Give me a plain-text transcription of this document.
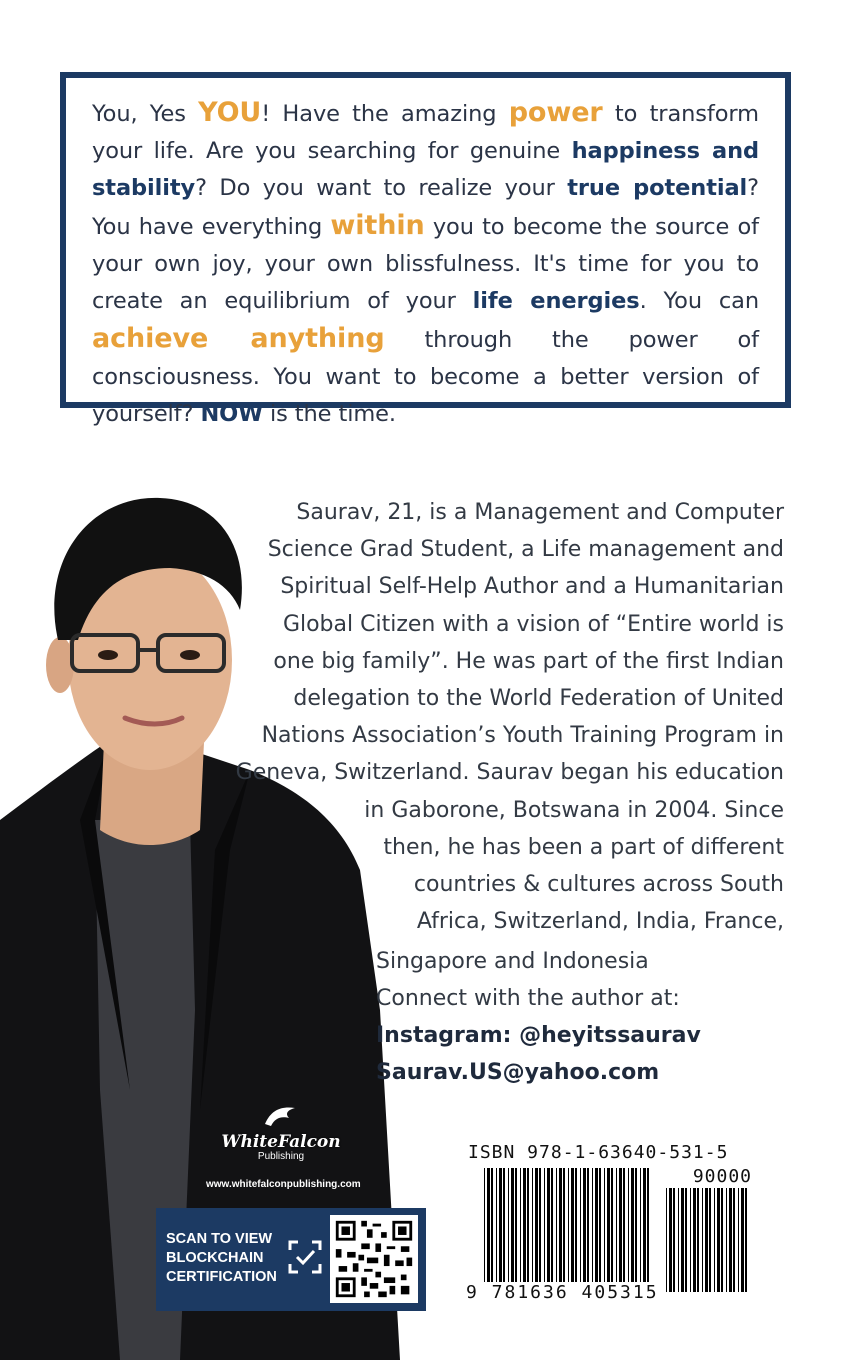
You, Yes YOU! Have the amazing power to transform your life. Are you searching for genuine happiness and stability? Do you want to realize your true potential? You have everything within you to become the source of your own joy, your own blissfulness. It's time for you to create an equilibrium of your life energies. You can achieve anything through the power of consciousness. You want to become a better version of yourself? NOW is the time.

Saurav, 21, is a Management and Computer
Science Grad Student, a Life management and
Spiritual Self-Help Author and a Humanitarian
Global Citizen with a vision of “Entire world is
one big family”. He was part of the first Indian
delegation to the World Federation of United
Nations Association’s Youth Training Program in
Geneva, Switzerland. Saurav began his education
in Gaborone, Botswana in 2004. Since
then, he has been a part of different
countries & cultures across South
Africa, Switzerland, India, France,
Singapore and Indonesia
Connect with the author at:
Instagram: @heyitssaurav
Saurav.US@yahoo.com
WhiteFalcon
Publishing
www.whitefalconpublishing.com
SCAN TO VIEW
BLOCKCHAIN
CERTIFICATION
ISBN 978-1-63640-531-5
90000
9 781636 405315
